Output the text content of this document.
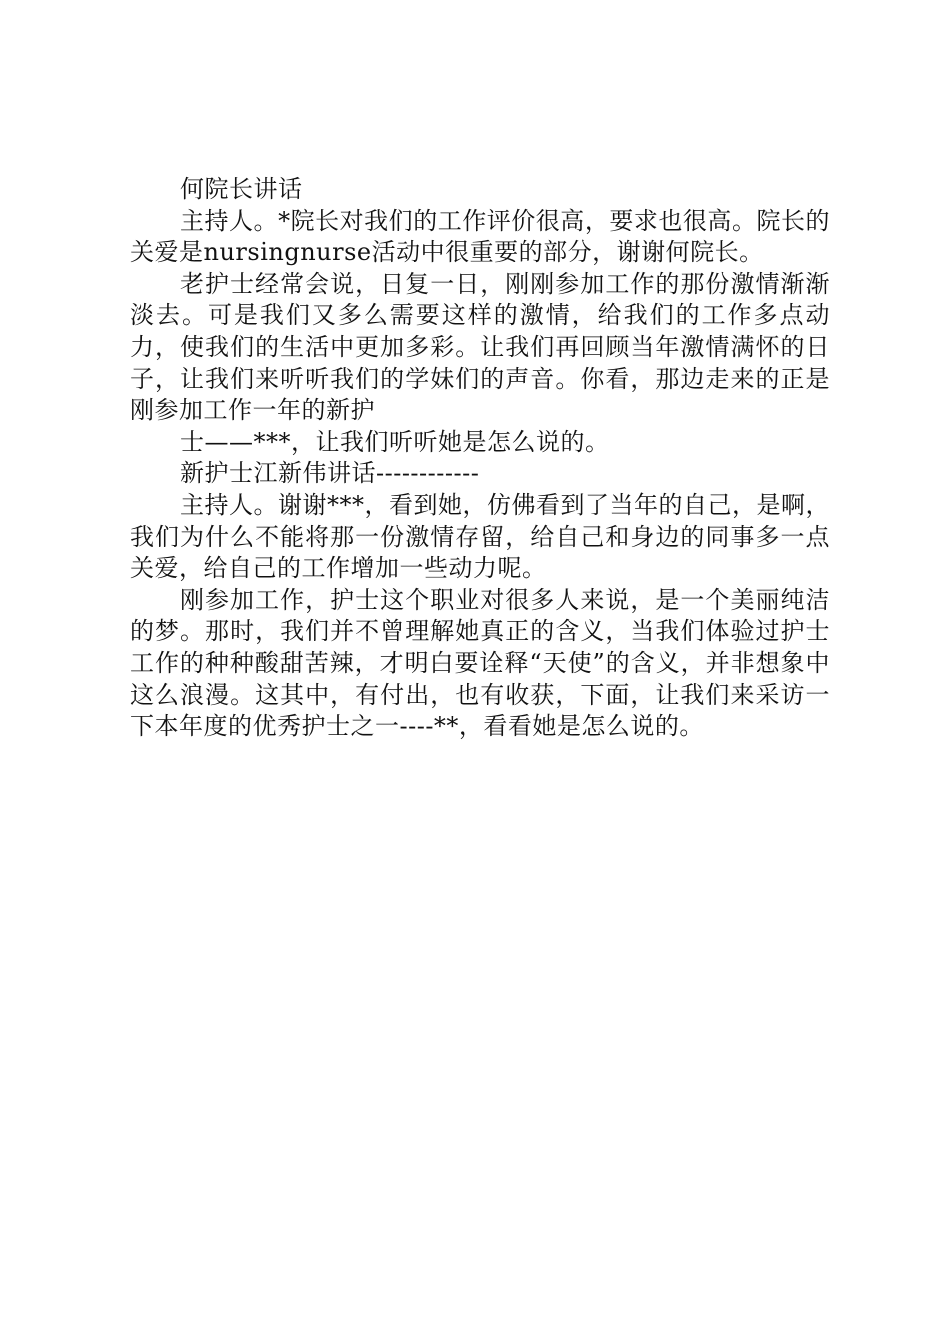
何院长讲话

主持人。*院长对我们的工作评价很高，要求也很高。院长的关爱是nursingnurse活动中很重要的部分，谢谢何院长。

老护士经常会说，日复一日，刚刚参加工作的那份激情渐渐淡去。可是我们又多么需要这样的激情，给我们的工作多点动力，使我们的生活中更加多彩。让我们再回顾当年激情满怀的日子，让我们来听听我们的学妹们的声音。你看，那边走来的正是刚参加工作一年的新护

士——***，让我们听听她是怎么说的。

新护士江新伟讲话------------

主持人。谢谢***，看到她，仿佛看到了当年的自己，是啊，我们为什么不能将那一份激情存留，给自己和身边的同事多一点关爱，给自己的工作增加一些动力呢。

刚参加工作，护士这个职业对很多人来说，是一个美丽纯洁的梦。那时，我们并不曾理解她真正的含义，当我们体验过护士工作的种种酸甜苦辣，才明白要诠释“天使”的含义，并非想象中这么浪漫。这其中，有付出，也有收获，下面，让我们来采访一下本年度的优秀护士之一----**，看看她是怎么说的。
